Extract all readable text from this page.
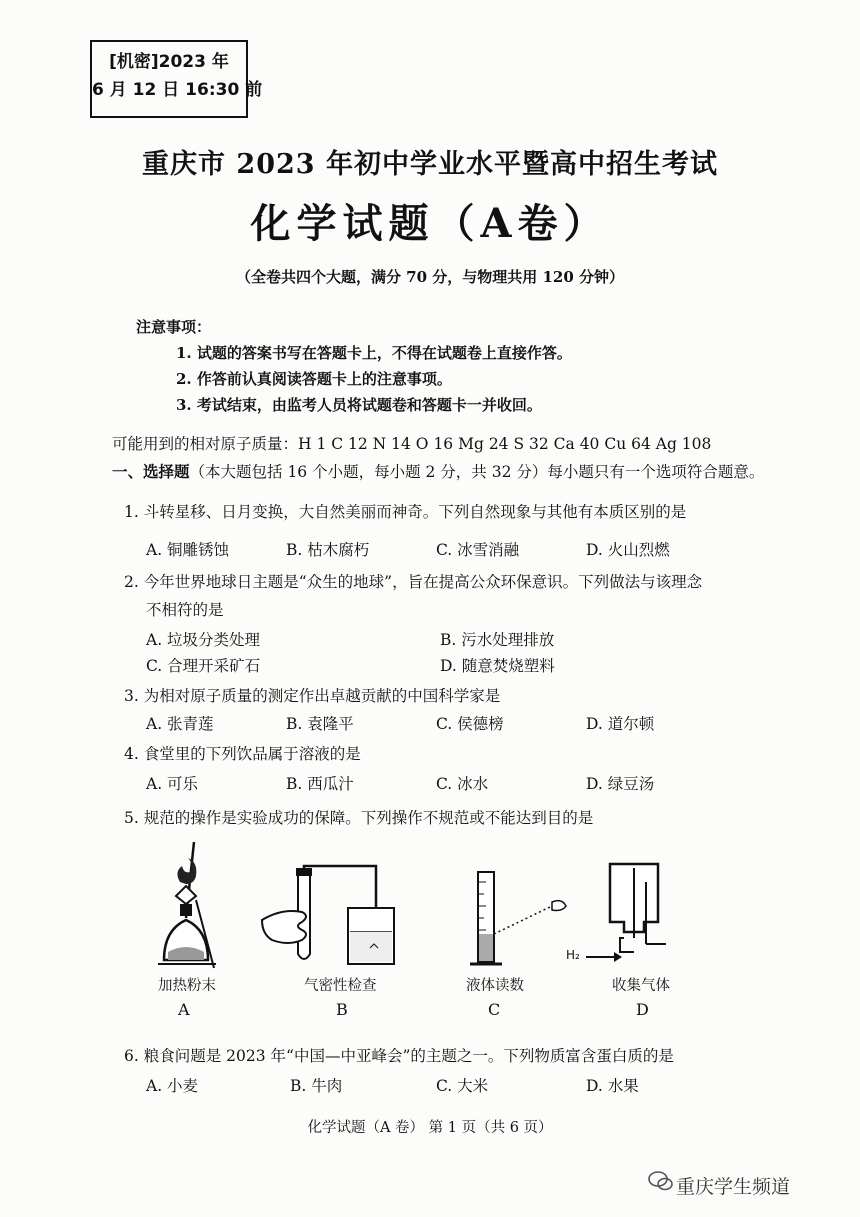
[机密]2023 年
6 月 12 日 16:30 前
重庆市 2023 年初中学业水平暨高中招生考试
化学试题（A卷）
（全卷共四个大题，满分 70 分，与物理共用 120 分钟）
注意事项：
1. 试题的答案书写在答题卡上，不得在试题卷上直接作答。
2. 作答前认真阅读答题卡上的注意事项。
3. 考试结束，由监考人员将试题卷和答题卡一并收回。
可能用到的相对原子质量：H 1 C 12 N 14 O 16 Mg 24 S 32 Ca 40 Cu 64 Ag 108
一、选择题（本大题包括 16 个小题，每小题 2 分，共 32 分）每小题只有一个选项符合题意。
1. 斗转星移、日月变换，大自然美丽而神奇。下列自然现象与其他有本质区别的是
A. 铜雕锈蚀	B. 枯木腐朽	C. 冰雪消融	D. 火山烈燃
2. 今年世界地球日主题是“众生的地球”，旨在提高公众环保意识。下列做法与该理念
不相符的是
A. 垃圾分类处理	B. 污水处理排放
C. 合理开采矿石	D. 随意焚烧塑料
3. 为相对原子质量的测定作出卓越贡献的中国科学家是
A. 张青莲	B. 袁隆平	C. 侯德榜	D. 道尔顿
4. 食堂里的下列饮品属于溶液的是
A. 可乐	B. 西瓜汁	C. 冰水	D. 绿豆汤
5. 规范的操作是实验成功的保障。下列操作不规范或不能达到目的是
加热粉末
A
气密性检查
B
液体读数
C
H₂
收集气体
D
6. 粮食问题是 2023 年“中国—中亚峰会”的主题之一。下列物质富含蛋白质的是
A. 小麦	B. 牛肉	C. 大米	D. 水果
化学试题（A 卷） 第 1 页（共 6 页）
重庆学生频道
